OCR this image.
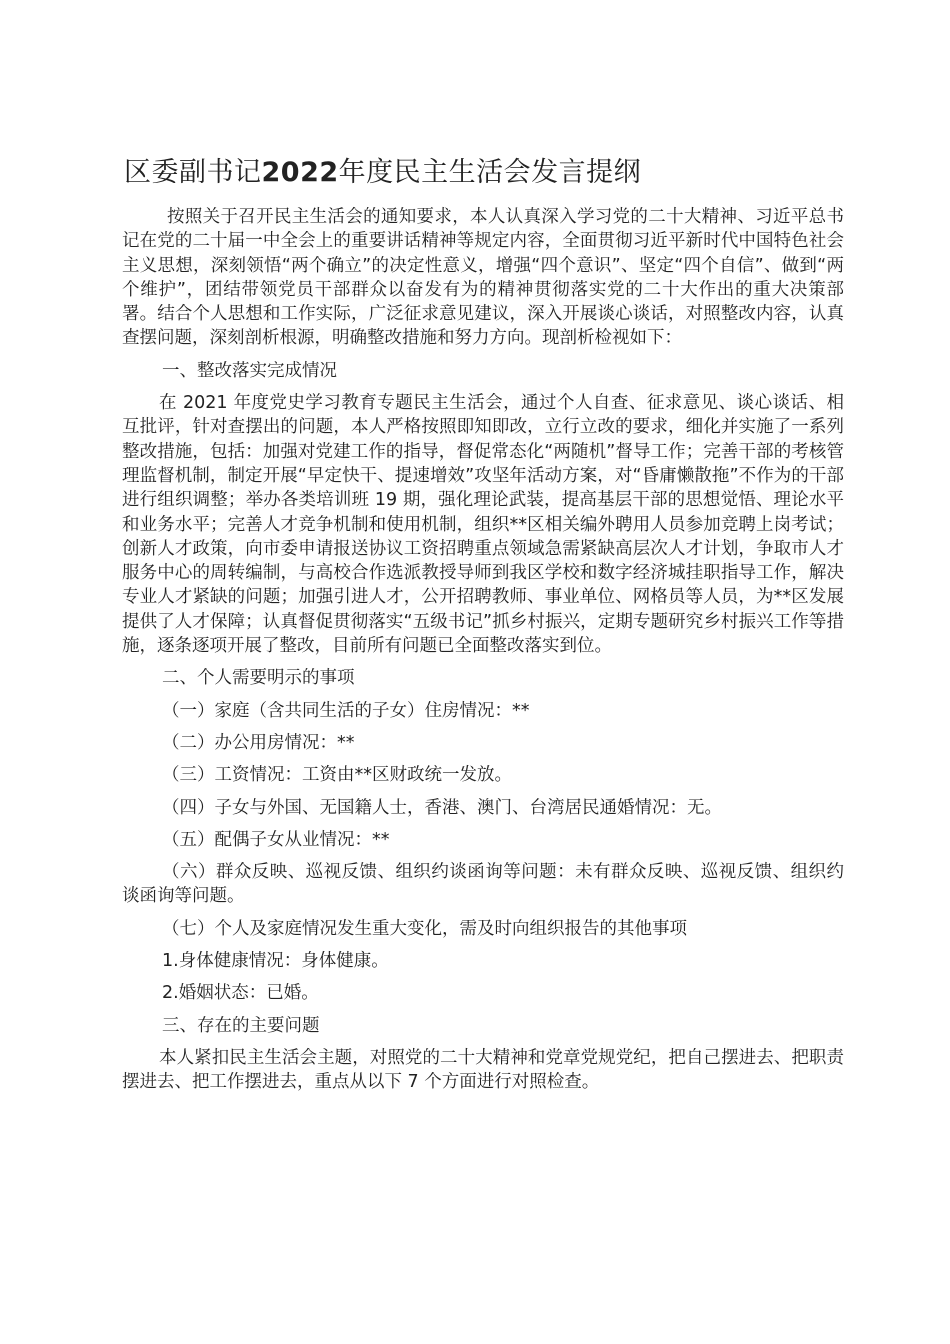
区委副书记2022年度民主生活会发言提纲

按照关于召开民主生活会的通知要求，本人认真深入学习党的二十大精神、习近平总书记在党的二十届一中全会上的重要讲话精神等规定内容，全面贯彻习近平新时代中国特色社会主义思想，深刻领悟“两个确立”的决定性意义，增强“四个意识”、坚定“四个自信”、做到“两个维护”，团结带领党员干部群众以奋发有为的精神贯彻落实党的二十大作出的重大决策部署。结合个人思想和工作实际，广泛征求意见建议，深入开展谈心谈话，对照整改内容，认真查摆问题，深刻剖析根源，明确整改措施和努力方向。现剖析检视如下：

一、整改落实完成情况

在 2021 年度党史学习教育专题民主生活会，通过个人自查、征求意见、谈心谈话、相互批评，针对查摆出的问题，本人严格按照即知即改，立行立改的要求，细化并实施了一系列整改措施，包括：加强对党建工作的指导，督促常态化“两随机”督导工作；完善干部的考核管理监督机制，制定开展“早定快干、提速增效”攻坚年活动方案，对“昏庸懒散拖”不作为的干部进行组织调整；举办各类培训班 19 期，强化理论武装，提高基层干部的思想觉悟、理论水平和业务水平；完善人才竞争机制和使用机制，组织**区相关编外聘用人员参加竞聘上岗考试；创新人才政策，向市委申请报送协议工资招聘重点领域急需紧缺高层次人才计划，争取市人才服务中心的周转编制，与高校合作选派教授导师到我区学校和数字经济城挂职指导工作，解决专业人才紧缺的问题；加强引进人才，公开招聘教师、事业单位、网格员等人员，为**区发展提供了人才保障；认真督促贯彻落实“五级书记”抓乡村振兴，定期专题研究乡村振兴工作等措施，逐条逐项开展了整改，目前所有问题已全面整改落实到位。

二、个人需要明示的事项

（一）家庭（含共同生活的子女）住房情况：**

（二）办公用房情况：**

（三）工资情况：工资由**区财政统一发放。

（四）子女与外国、无国籍人士，香港、澳门、台湾居民通婚情况：无。

（五）配偶子女从业情况：**

（六）群众反映、巡视反馈、组织约谈函询等问题：未有群众反映、巡视反馈、组织约谈函询等问题。

（七）个人及家庭情况发生重大变化，需及时向组织报告的其他事项

1.身体健康情况：身体健康。

2.婚姻状态：已婚。

三、存在的主要问题

本人紧扣民主生活会主题，对照党的二十大精神和党章党规党纪，把自己摆进去、把职责摆进去、把工作摆进去，重点从以下 7 个方面进行对照检查。
